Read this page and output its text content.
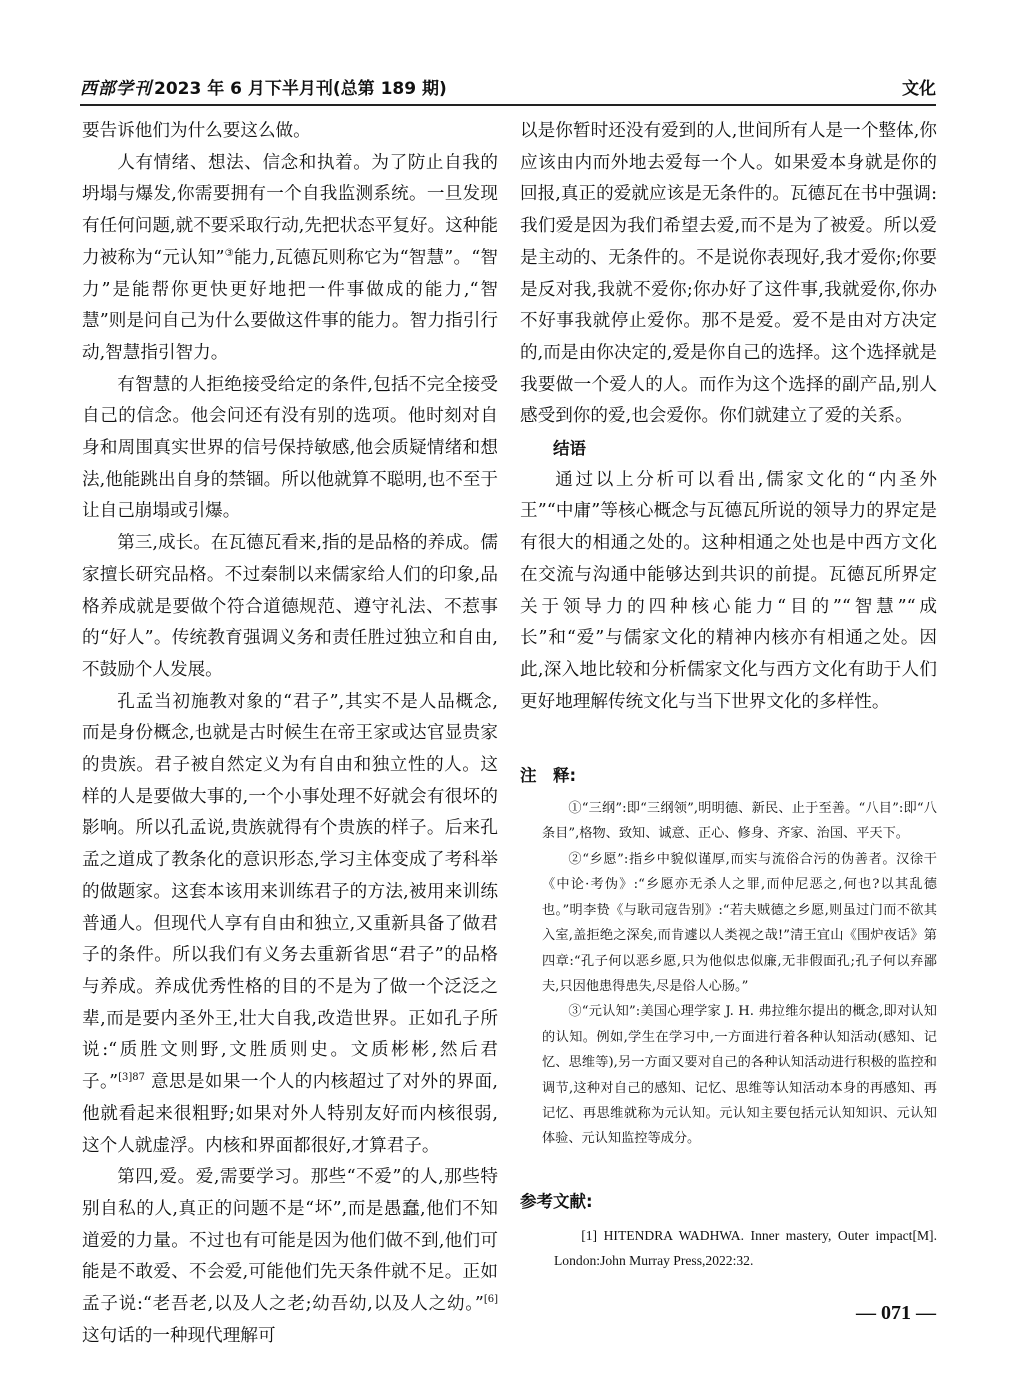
西部学刊 2023 年 6 月下半月刊(总第 189 期)	文化

要告诉他们为什么要这么做。

人有情绪、想法、信念和执着。为了防止自我的坍塌与爆发,你需要拥有一个自我监测系统。一旦发现有任何问题,就不要采取行动,先把状态平复好。这种能力被称为“元认知”③能力,瓦德瓦则称它为“智慧”。“智力”是能帮你更快更好地把一件事做成的能力,“智慧”则是问自己为什么要做这件事的能力。智力指引行动,智慧指引智力。

有智慧的人拒绝接受给定的条件,包括不完全接受自己的信念。他会问还有没有别的选项。他时刻对自身和周围真实世界的信号保持敏感,他会质疑情绪和想法,他能跳出自身的禁锢。所以他就算不聪明,也不至于让自己崩塌或引爆。

第三,成长。在瓦德瓦看来,指的是品格的养成。儒家擅长研究品格。不过秦制以来儒家给人们的印象,品格养成就是要做个符合道德规范、遵守礼法、不惹事的“好人”。传统教育强调义务和责任胜过独立和自由,不鼓励个人发展。

孔孟当初施教对象的“君子”,其实不是人品概念,而是身份概念,也就是古时候生在帝王家或达官显贵家的贵族。君子被自然定义为有自由和独立性的人。这样的人是要做大事的,一个小事处理不好就会有很坏的影响。所以孔孟说,贵族就得有个贵族的样子。后来孔孟之道成了教条化的意识形态,学习主体变成了考科举的做题家。这套本该用来训练君子的方法,被用来训练普通人。但现代人享有自由和独立,又重新具备了做君子的条件。所以我们有义务去重新省思“君子”的品格与养成。养成优秀性格的目的不是为了做一个泛泛之辈,而是要内圣外王,壮大自我,改造世界。正如孔子所说:“质胜文则野,文胜质则史。文质彬彬,然后君子。”$^{[3]87}$ 意思是如果一个人的内核超过了对外的界面,他就看起来很粗野;如果对外人特别友好而内核很弱,这个人就虚浮。内核和界面都很好,才算君子。

第四,爱。爱,需要学习。那些“不爱”的人,那些特别自私的人,真正的问题不是“坏”,而是愚蠢,他们不知道爱的力量。不过也有可能是因为他们做不到,他们可能是不敢爱、不会爱,可能他们先天条件就不足。正如孟子说:“老吾老,以及人之老;幼吾幼,以及人之幼。”[6] 这句话的一种现代理解可

以是你暂时还没有爱到的人,世间所有人是一个整体,你应该由内而外地去爱每一个人。如果爱本身就是你的回报,真正的爱就应该是无条件的。瓦德瓦在书中强调:我们爱是因为我们希望去爱,而不是为了被爱。所以爱是主动的、无条件的。不是说你表现好,我才爱你;你要是反对我,我就不爱你;你办好了这件事,我就爱你,你办不好事我就停止爱你。那不是爱。爱不是由对方决定的,而是由你决定的,爱是你自己的选择。这个选择就是我要做一个爱人的人。而作为这个选择的副产品,别人感受到你的爱,也会爱你。你们就建立了爱的关系。

结语

通过以上分析可以看出,儒家文化的“内圣外王”“中庸”等核心概念与瓦德瓦所说的领导力的界定是有很大的相通之处的。这种相通之处也是中西方文化在交流与沟通中能够达到共识的前提。瓦德瓦所界定关于领导力的四种核心能力“目的”“智慧”“成长”和“爱”与儒家文化的精神内核亦有相通之处。因此,深入地比较和分析儒家文化与西方文化有助于人们更好地理解传统文化与当下世界文化的多样性。

注　释:

①“三纲”:即“三纲领”,明明德、新民、止于至善。“八目”:即“八条目”,格物、致知、诚意、正心、修身、齐家、治国、平天下。

②“乡愿”:指乡中貌似谨厚,而实与流俗合污的伪善者。汉徐干《中论·考伪》:“乡愿亦无杀人之罪,而仲尼恶之,何也?以其乱德也。”明李贽《与耿司寇告别》:“若夫贼德之乡愿,则虽过门而不欲其入室,盖拒绝之深矣,而肯遽以人类视之哉!”清王宜山《围炉夜话》第四章:“孔子何以恶乡愿,只为他似忠似廉,无非假面孔;孔子何以弃鄙夫,只因他患得患失,尽是俗人心肠。”

③“元认知”:美国心理学家 J. H. 弗拉维尔提出的概念,即对认知的认知。例如,学生在学习中,一方面进行着各种认知活动(感知、记忆、思维等),另一方面又要对自己的各种认知活动进行积极的监控和调节,这种对自己的感知、记忆、思维等认知活动本身的再感知、再记忆、再思维就称为元认知。元认知主要包括元认知知识、元认知体验、元认知监控等成分。

参考文献:

[1] HITENDRA WADHWA. Inner mastery, Outer impact[M]. London:John Murray Press,2022:32.

— 071 —
